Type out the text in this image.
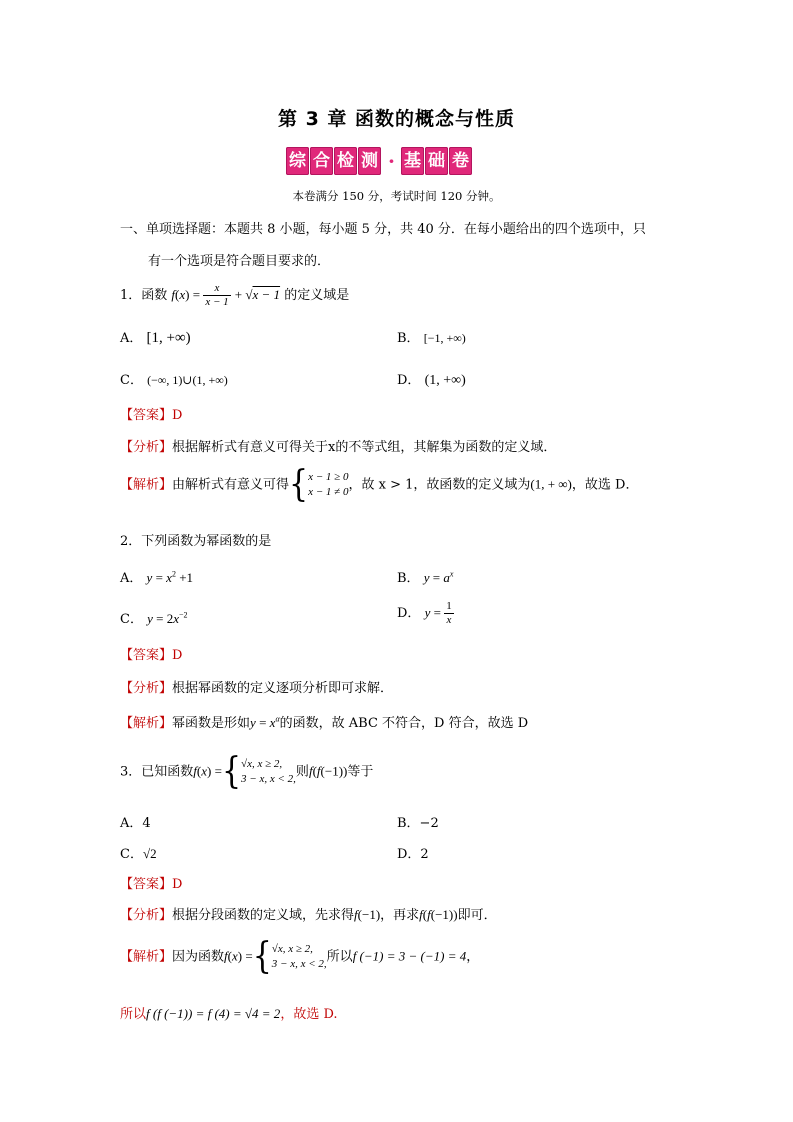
第 3 章 函数的概念与性质
综 合 检 测 · 基 础 卷
本卷满分 150 分，考试时间 120 分钟。
一、单项选择题：本题共 8 小题，每小题 5 分，共 40 分．在每小题给出的四个选项中，只
有一个选项是符合题目要求的．
1．函数 $f(x) = \frac{x}{x - 1} + √x - 1$ 的定义域是
A． [1, +∞)	B． [−1, +∞)
C． (−∞, 1)∪(1, +∞)	D． (1, +∞)
【答案】D
【分析】根据解析式有意义可得关于x的不等式组，其解集为函数的定义域．
【解析】由解析式有意义可得{ x − 1 ≥ 0
x − 1 ≠ 0 ，故 x > 1，故函数的定义域为(1, + ∞)，故选 D．
2．下列函数为幂函数的是
A． $y = x^2 +1$	B． $y = a^x$
C． $y = 2x^{-2}$	D． $y = \frac{1}{x}$
【答案】D
【分析】根据幂函数的定义逐项分析即可求解．
【解析】幂函数是形如$y = x^\alpha$的函数，故 ABC 不符合，D 符合，故选 D
3．已知函数f(x) ={ √x, x ≥ 2,
3 − x, x < 2, 则f(f(−1))等于
A．4	B．−2
C．√2	D．2
【答案】D
【分析】根据分段函数的定义域，先求得f(−1)，再求f(f(−1))即可．
【解析】因为函数f(x) ={ √x, x ≥ 2,
3 − x, x < 2, 所以f (−1) = 3 − (−1) = 4，
所以f (f (−1)) = f (4) = √4 = 2，故选 D.
